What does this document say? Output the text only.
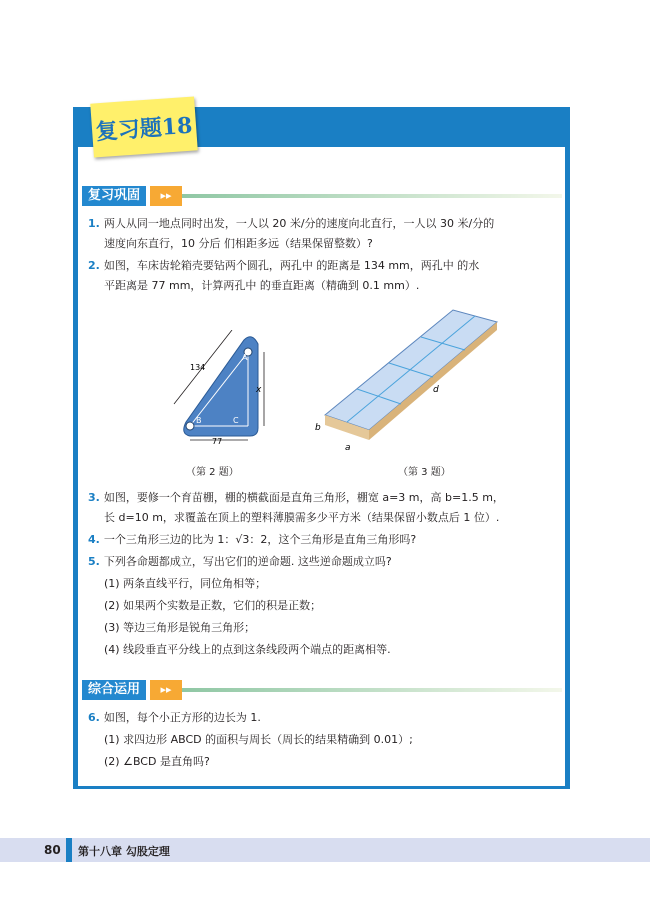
复习题18
复习巩固	▸▸
1. 两人从同一地点同时出发，一人以 20 米/分的速度向北直行，一人以 30 米/分的
速度向东直行，10 分后 们相距多远（结果保留整数）?
2. 如图，车床齿轮箱壳要钻两个圆孔，两孔中 的距离是 134 mm，两孔中 的水
平距离是 77 mm，计算两孔中 的垂直距离（精确到 0.1 mm）.
134
x
77
A
B	C
（第 2 题）
d
b
a
（第 3 题）
3. 如图，要修一个育苗棚，棚的横截面是直角三角形，棚宽 a=3 m，高 b=1.5 m，
长 d=10 m，求覆盖在顶上的塑料薄膜需多少平方米（结果保留小数点后 1 位）.
4. 一个三角形三边的比为 1：√3：2，这个三角形是直角三角形吗?
5. 下列各命题都成立，写出它们的逆命题. 这些逆命题成立吗?
(1) 两条直线平行，同位角相等；
(2) 如果两个实数是正数，它们的积是正数；
(3) 等边三角形是锐角三角形；
(4) 线段垂直平分线上的点到这条线段两个端点的距离相等.
综合运用	▸▸
6. 如图，每个小正方形的边长为 1.
(1) 求四边形 ABCD 的面积与周长（周长的结果精确到 0.01）;
(2) ∠BCD 是直角吗?
80 第十八章 勾股定理
